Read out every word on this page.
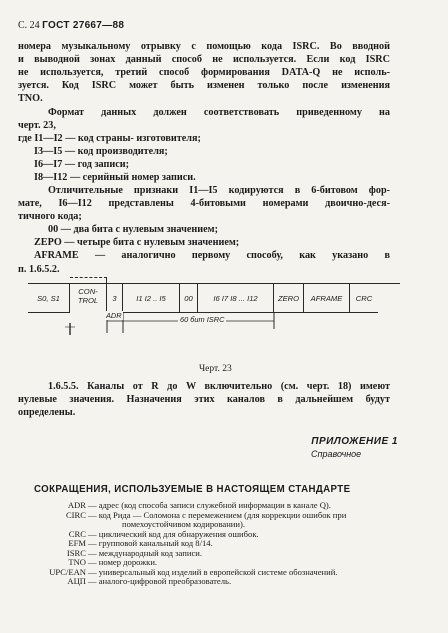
С. 24 ГОСТ 27667—88

номера музыкальному отрывку с помощью кода ISRC. Во вводной

и выводной зонах данный способ не используется. Если код ISRC

не используется, третий способ формирования DATA-Q не исполь-

зуется. Код ISRC может быть изменен только после изменения

TNO.

Формат данных должен соответствовать приведенному на

черт. 23,

где I1—I2 — код страны- изготовителя;

I3—I5 — код производителя;

I6—I7 — год записи;

I8—I12 — серийный номер записи.

Отличительные признаки I1—I5 кодируются в 6-битовом фор-

мате, I6—I12 представлены 4-битовыми номерами двоично-деся-

тичного кода;

00 — два бита с нулевым значением;

ZEPO — четыре бита с нулевым значением;

AFRAME — аналогично первому способу, как указано в

п. 1.6.5.2.

S0, S1
CON-TROL	3	I1 I2 .. I5	00	I6 I7 I8 ... I12	ZERO	AFRAME	CRC
ADR	60 бит ISRC
Черт. 23

1.6.5.5. Каналы от R до W включительно (см. черт. 18) имеют

нулевые значения. Назначения этих каналов в дальнейшем будут

определены.

ПРИЛОЖЕНИЕ 1
Справочное
СОКРАЩЕНИЯ, ИСПОЛЬЗУЕМЫЕ В НАСТОЯЩЕМ СТАНДАРТЕ
ADR — адрес (код способа записи служебной информации в канале Q).
CIRC — код Рида — Соломона с перемежением (для коррекции ошибок при
помехоустойчивом кодировании).
CRC — циклический код для обнаружения ошибок.
EFM — групповой канальный код 8/14.
ISRC — международный код записи.
TNO — номер дорожки.
UPC/EAN — универсальный код изделий в европейской системе обозначений.
АЦП — аналого-цифровой преобразователь.
